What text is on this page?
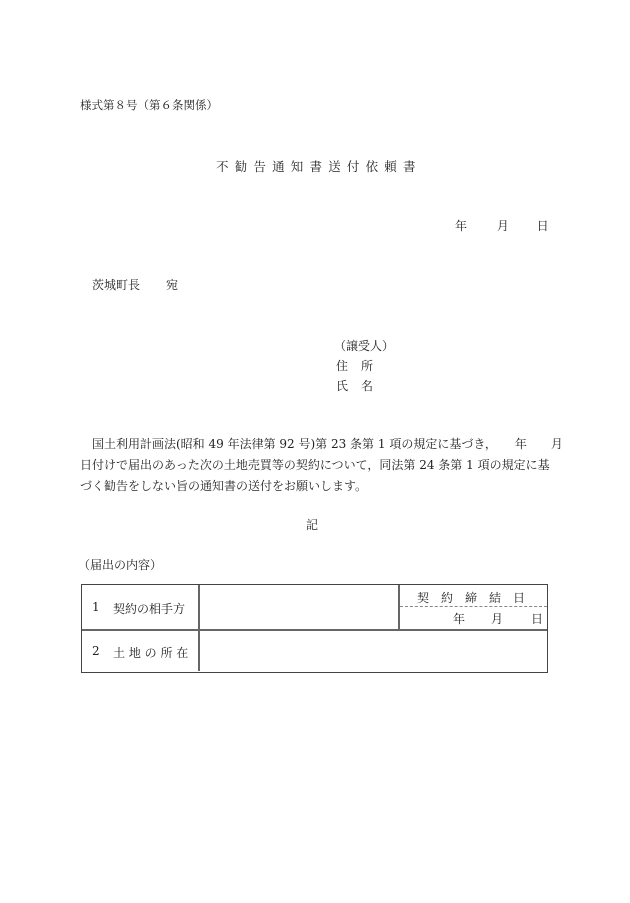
様式第８号（第６条関係）
不勧告通知書送付依頼書
年 月 日
茨城町長 宛
（譲受人）
住所
氏名
　国土利用計画法(昭和 49 年法律第 92 号)第 23 条第 1 項の規定に基づき，　　年　　月
日付けで届出のあった次の土地売買等の契約について，同法第 24 条第 1 項の規定に基
づく勧告をしない旨の通知書の送付をお願いします。
記
（届出の内容）
1 契約の相手方
契　約　締　結　日
年 月 日
2 土 地 の 所 在
